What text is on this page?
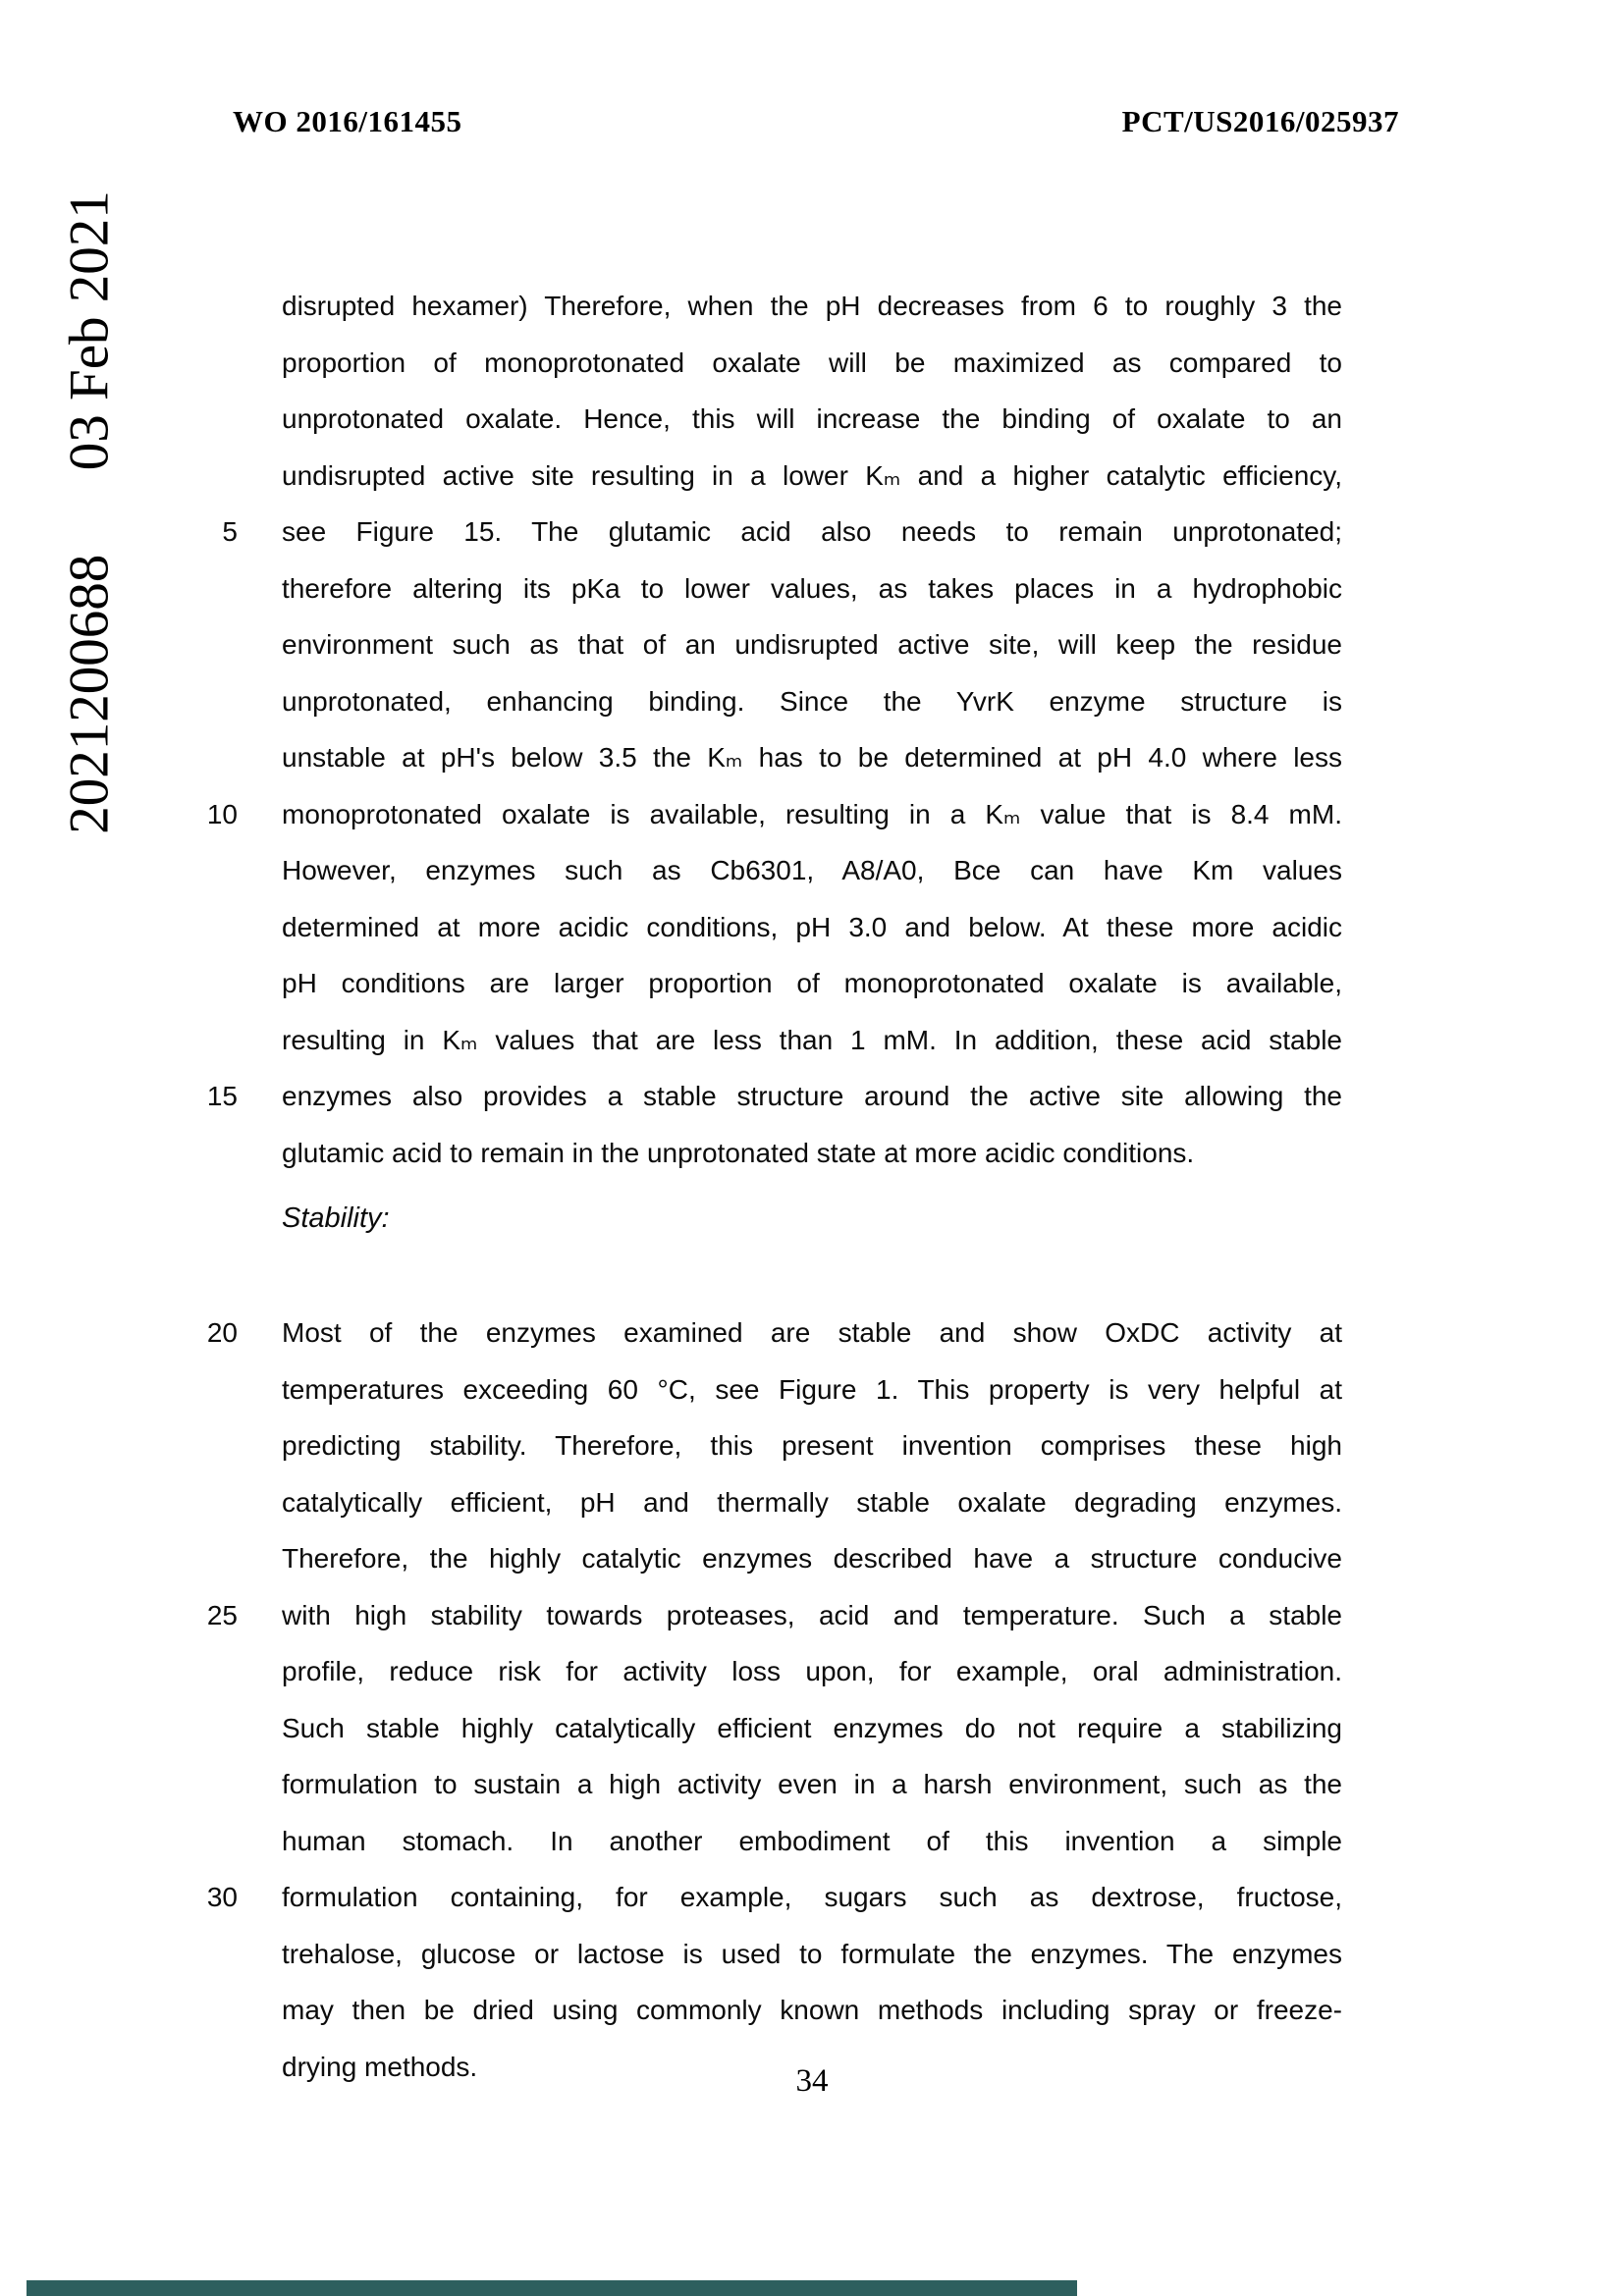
WO 2016/161455	PCT/US2016/025937
2021200688      03 Feb 2021	disrupted hexamer) Therefore, when the pH decreases from 6 to roughly 3 the
proportion of monoprotonated oxalate will be maximized as compared to
unprotonated oxalate. Hence, this will increase the binding of oxalate to an
undisrupted active site resulting in a lower Kₘ and a higher catalytic efficiency,
5 see Figure 15. The glutamic acid also needs to remain unprotonated;
therefore altering its pKa to lower values, as takes places in a hydrophobic
environment such as that of an undisrupted active site, will keep the residue
unprotonated, enhancing binding. Since the YvrK enzyme structure is
unstable at pH's below 3.5 the Kₘ has to be determined at pH 4.0 where less
10 monoprotonated oxalate is available, resulting in a Kₘ value that is 8.4 mM.
However, enzymes such as Cb6301, A8/A0, Bce can have Km values
determined at more acidic conditions, pH 3.0 and below. At these more acidic
pH conditions are larger proportion of monoprotonated oxalate is available,
resulting in Kₘ values that are less than 1 mM. In addition, these acid stable
15 enzymes also provides a stable structure around the active site allowing the
glutamic acid to remain in the unprotonated state at more acidic conditions.
Stability:
20 Most of the enzymes examined are stable and show OxDC activity at
temperatures exceeding 60 °C, see Figure 1. This property is very helpful at
predicting stability. Therefore, this present invention comprises these high
catalytically efficient, pH and thermally stable oxalate degrading enzymes.
Therefore, the highly catalytic enzymes described have a structure conducive
25 with high stability towards proteases, acid and temperature. Such a stable
profile, reduce risk for activity loss upon, for example, oral administration.
Such stable highly catalytically efficient enzymes do not require a stabilizing
formulation to sustain a high activity even in a harsh environment, such as the
human stomach. In another embodiment of this invention a simple
30 formulation containing, for example, sugars such as dextrose, fructose,
trehalose, glucose or lactose is used to formulate the enzymes. The enzymes
may then be dried using commonly known methods including spray or freeze-
drying methods.	34
